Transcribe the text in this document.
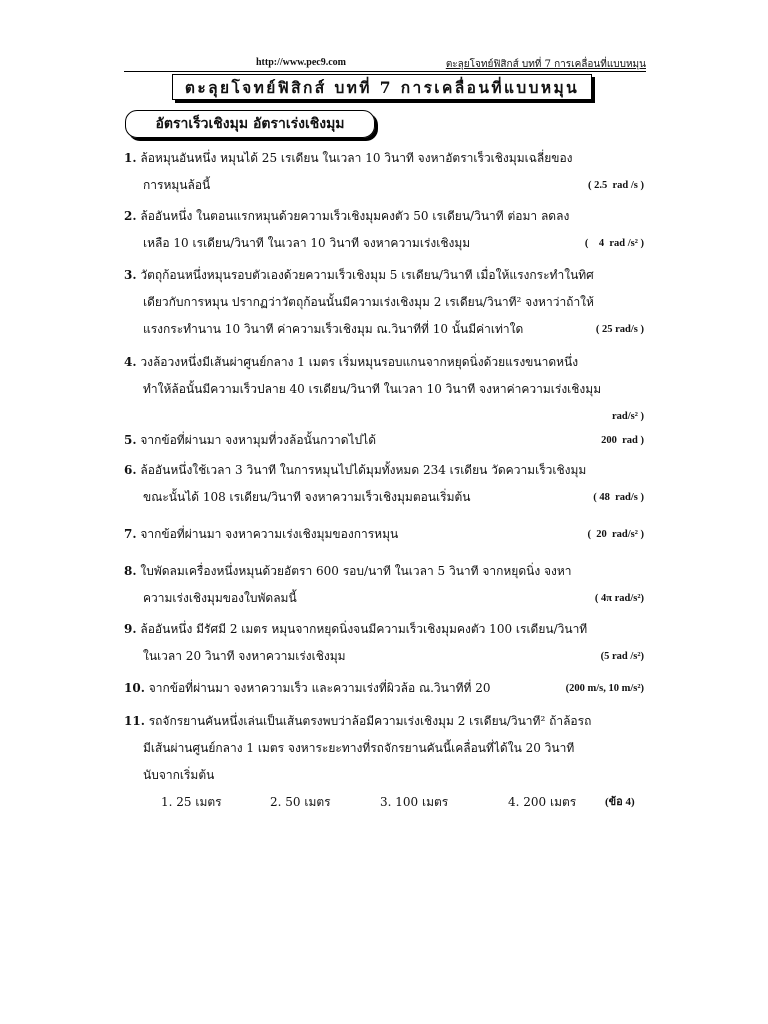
http://www.pec9.com	ตะลุยโจทย์ฟิสิกส์ บทที่ 7 การเคลื่อนที่แบบหมุน
ตะลุยโจทย์ฟิสิกส์ บทที่ 7 การเคลื่อนที่แบบหมุน
อัตราเร็วเชิงมุม อัตราเร่งเชิงมุม
1. ล้อหมุนอันหนึ่ง หมุนได้ 25 เรเดียน ในเวลา 10 วินาที จงหาอัตราเร็วเชิงมุมเฉลี่ยของ
การหมุนล้อนี้	( 2.5  rad /s )
2. ล้ออันหนึ่ง ในตอนแรกหมุนด้วยความเร็วเชิงมุมคงตัว 50 เรเดียน/วินาที ต่อมา ลดลง
เหลือ 10 เรเดียน/วินาที ในเวลา 10 วินาที จงหาความเร่งเชิงมุม	(    4  rad /s² )
3. วัตถุก้อนหนึ่งหมุนรอบตัวเองด้วยความเร็วเชิงมุม 5 เรเดียน/วินาที เมื่อให้แรงกระทำในทิศ
เดียวกับการหมุน ปรากฏว่าวัตถุก้อนนั้นมีความเร่งเชิงมุม 2 เรเดียน/วินาที² จงหาว่าถ้าให้
แรงกระทำนาน 10 วินาที ค่าความเร็วเชิงมุม ณ.วินาทีที่ 10 นั้นมีค่าเท่าใด	( 25 rad/s )
4. วงล้อวงหนึ่งมีเส้นผ่าศูนย์กลาง 1 เมตร เริ่มหมุนรอบแกนจากหยุดนิ่งด้วยแรงขนาดหนึ่ง
ทำให้ล้อนั้นมีความเร็วปลาย 40 เรเดียน/วินาที ในเวลา 10 วินาที จงหาค่าความเร่งเชิงมุม
rad/s² )
5. จากข้อที่ผ่านมา จงหามุมที่วงล้อนั้นกวาดไปได้	200  rad )
6. ล้ออันหนึ่งใช้เวลา 3 วินาที ในการหมุนไปได้มุมทั้งหมด 234 เรเดียน วัดความเร็วเชิงมุม
ขณะนั้นได้ 108 เรเดียน/วินาที จงหาความเร็วเชิงมุมตอนเริ่มต้น	( 48  rad/s )
7. จากข้อที่ผ่านมา จงหาความเร่งเชิงมุมของการหมุน	(  20  rad/s² )
8. ใบพัดลมเครื่องหนึ่งหมุนด้วยอัตรา 600 รอบ/นาที ในเวลา 5 วินาที จากหยุดนิ่ง จงหา
ความเร่งเชิงมุมของใบพัดลมนี้	( 4π rad/s²)
9. ล้ออันหนึ่ง มีรัศมี 2 เมตร หมุนจากหยุดนิ่งจนมีความเร็วเชิงมุมคงตัว 100 เรเดียน/วินาที
ในเวลา 20 วินาที จงหาความเร่งเชิงมุม	(5 rad /s²)
10. จากข้อที่ผ่านมา จงหาความเร็ว และความเร่งที่ผิวล้อ ณ.วินาทีที่ 20	(200 m/s, 10 m/s²)
11. รถจักรยานคันหนึ่งเล่นเป็นเส้นตรงพบว่าล้อมีความเร่งเชิงมุม 2 เรเดียน/วินาที² ถ้าล้อรถ
มีเส้นผ่านศูนย์กลาง 1 เมตร จงหาระยะทางที่รถจักรยานคันนี้เคลื่อนที่ได้ใน 20 วินาที
นับจากเริ่มต้น
1. 25 เมตร	2. 50 เมตร	3. 100 เมตร	4. 200 เมตร	(ข้อ 4)
